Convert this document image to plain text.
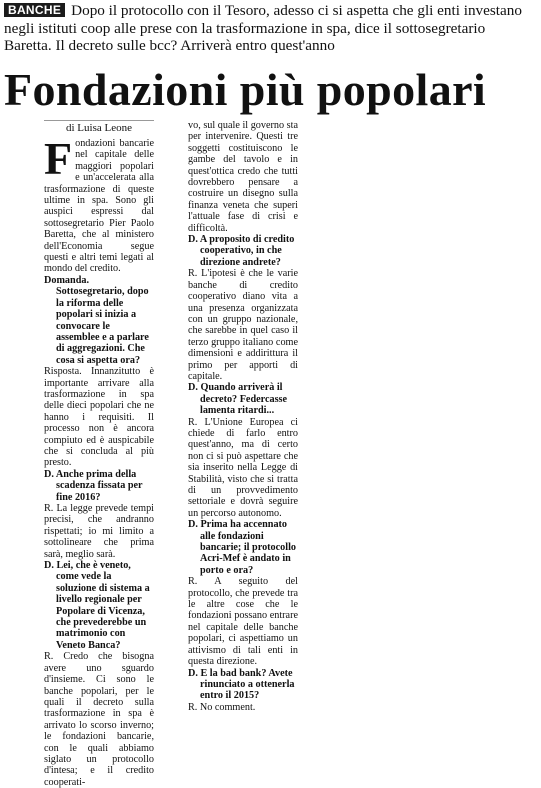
BANCHE Dopo il protocollo con il Tesoro, adesso ci si aspetta che gli enti investano negli istituti coop alle prese con la trasformazione in spa, dice il sottosegretario Baretta. Il decreto sulle bcc? Arriverà entro quest'anno
Fondazioni più popolari
di Luisa Leone

Fondazioni bancarie nel capitale delle maggiori popolari e un'accelerata alla trasformazione di queste ultime in spa. Sono gli auspici espressi dal sottosegretario Pier Paolo Baretta, che al ministero dell'Economia segue questi e altri temi legati al mondo del credito.

Domanda. Sottosegretario, dopo la riforma delle popolari si inizia a convocare le assemblee e a parlare di aggregazioni. Che cosa si aspetta ora?

Risposta. Innanzitutto è importante arrivare alla trasformazione in spa delle dieci popolari che ne hanno i requisiti. Il processo non è ancora compiuto ed è auspicabile che si concluda al più presto.

D. Anche prima della scadenza fissata per fine 2016?

R. La legge prevede tempi precisi, che andranno rispettati; io mi limito a sottolineare che prima sarà, meglio sarà.

D. Lei, che è veneto, come vede la soluzione di sistema a livello regionale per Popolare di Vicenza, che prevederebbe un matrimonio con Veneto Banca?

R. Credo che bisogna avere uno sguardo d'insieme. Ci sono le banche popolari, per le quali il decreto sulla trasformazione in spa è arrivato lo scorso inverno; le fondazioni bancarie, con le quali abbiamo siglato un protocollo d'intesa; e il credito cooperati-

vo, sul quale il governo sta per intervenire. Questi tre soggetti costituiscono le gambe del tavolo e in quest'ottica credo che tutti dovrebbero pensare a costruire un disegno sulla finanza veneta che superi l'attuale fase di crisi e difficoltà.

D. A proposito di credito cooperativo, in che direzione andrete?

R. L'ipotesi è che le varie banche di credito cooperativo diano vita a una presenza organizzata con un gruppo nazionale, che sarebbe in quel caso il terzo gruppo italiano come dimensioni e addirittura il primo per apporti di capitale.

D. Quando arriverà il decreto? Federcasse lamenta ritardi...

R. L'Unione Europea ci chiede di farlo entro quest'anno, ma di certo non ci si può aspettare che sia inserito nella Legge di Stabilità, visto che si tratta di un provvedimento settoriale e dovrà seguire un percorso autonomo.

D. Prima ha accennato alle fondazioni bancarie; il protocollo Acri-Mef è andato in porto e ora?

R. A seguito del protocollo, che prevede tra le altre cose che le fondazioni possano entrare nel capitale delle banche popolari, ci aspettiamo un attivismo di tali enti in questa direzione.

D. E la bad bank? Avete rinunciato a ottenerla entro il 2015?

R. No comment.
